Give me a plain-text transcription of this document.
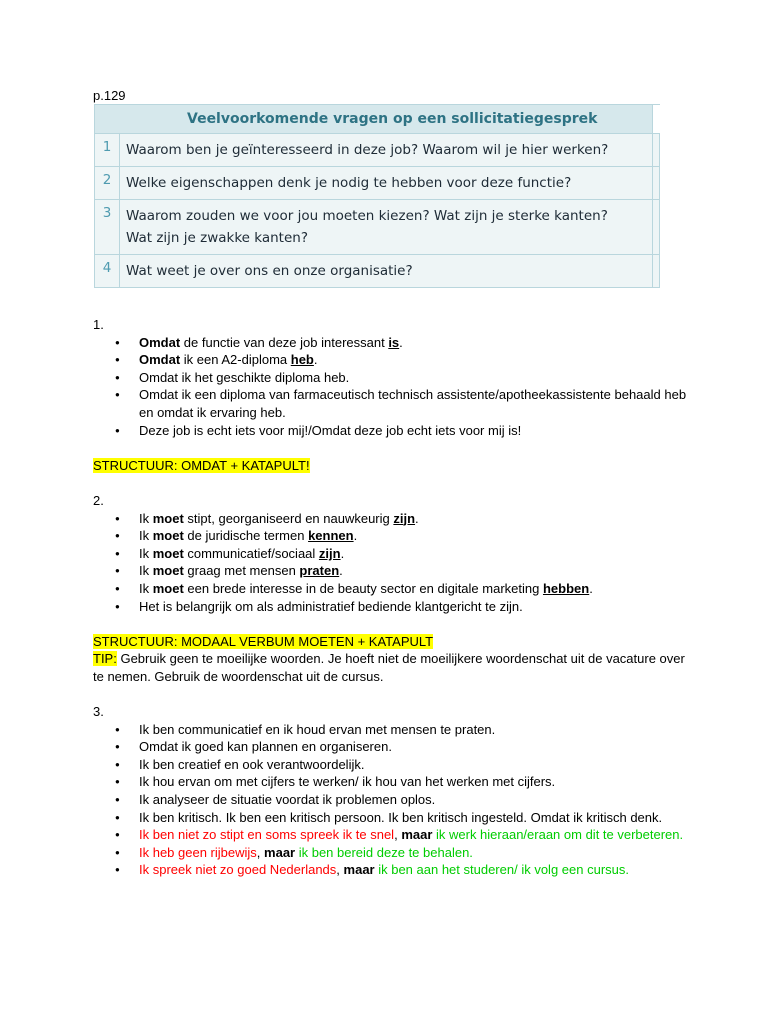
p.129
Veelvoorkomende vragen op een sollicitatiegesprek		
1	Waarom ben je geïnteresseerd in deze job? Waarom wil je hier werken?	
2	Welke eigenschappen denk je nodig te hebben voor deze functie?	
3	Waarom zouden we voor jou moeten kiezen? Wat zijn je sterke kanten?
Wat zijn je zwakke kanten?	

4	Wat weet je over ons en onze organisatie?	
1.
● Omdat de functie van deze job interessant is.
● Omdat ik een A2-diploma heb.
● Omdat ik het geschikte diploma heb.
● Omdat ik een diploma van farmaceutisch technisch assistente/apotheekassistente behaald heb en omdat ik ervaring heb.
● Deze job is echt iets voor mij!/Omdat deze job echt iets voor mij is!
STRUCTUUR: OMDAT + KATAPULT!
2.
● Ik moet stipt, georganiseerd en nauwkeurig zijn.
● Ik moet de juridische termen kennen.
● Ik moet communicatief/sociaal zijn.
● Ik moet graag met mensen praten.
● Ik moet een brede interesse in de beauty sector en digitale marketing hebben.
● Het is belangrijk om als administratief bediende klantgericht te zijn.
STRUCTUUR: MODAAL VERBUM MOETEN + KATAPULT
TIP: Gebruik geen te moeilijke woorden. Je hoeft niet de moeilijkere woordenschat uit de vacature over te nemen. Gebruik de woordenschat uit de cursus.
3.
● Ik ben communicatief en ik houd ervan met mensen te praten.
● Omdat ik goed kan plannen en organiseren.
● Ik ben creatief en ook verantwoordelijk.
● Ik hou ervan om met cijfers te werken/ ik hou van het werken met cijfers.
● Ik analyseer de situatie voordat ik problemen oplos.
● Ik ben kritisch. Ik ben een kritisch persoon. Ik ben kritisch ingesteld. Omdat ik kritisch denk.
● Ik ben niet zo stipt en soms spreek ik te snel, maar ik werk hieraan/eraan om dit te verbeteren.
● Ik heb geen rijbewijs, maar ik ben bereid deze te behalen.
● Ik spreek niet zo goed Nederlands, maar ik ben aan het studeren/ ik volg een cursus.
